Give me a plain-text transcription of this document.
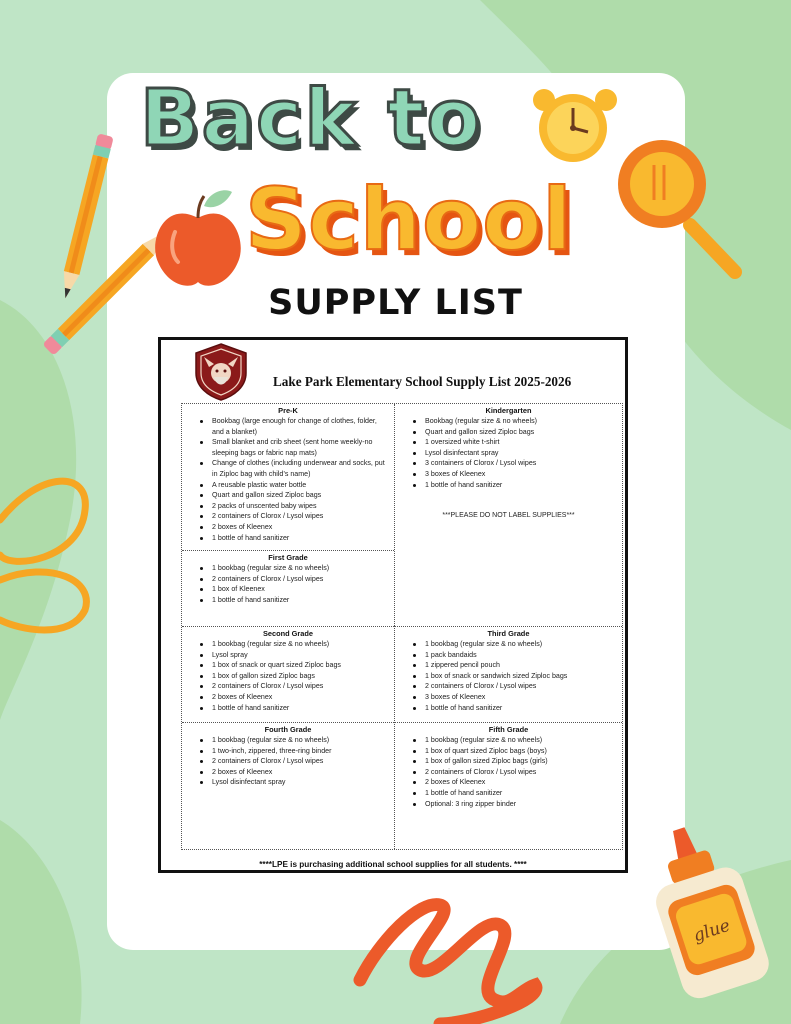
glue
Back to
School
SUPPLY LIST

Lake Park Elementary School Supply List 2025-2026

Pre-K
Bookbag (large enough for change of clothes, folder, and a blanket)
Small blanket and crib sheet (sent home weekly-no sleeping bags or fabric nap mats)
Change of clothes (including underwear and socks, put in Ziploc bag with child’s name)
A reusable plastic water bottle
Quart and gallon sized Ziploc bags
2 packs of unscented baby wipes
2 containers of Clorox / Lysol wipes
2 boxes of Kleenex
1 bottle of hand sanitizer
Kindergarten
Bookbag (regular size & no wheels)
Quart and gallon sized Ziploc bags
1 oversized white t-shirt
Lysol disinfectant spray
3 containers of Clorox / Lysol wipes
3 boxes of Kleenex
1 bottle of hand sanitizer

***PLEASE DO NOT LABEL SUPPLIES***

First Grade
1 bookbag (regular size & no wheels)
2 containers of Clorox / Lysol wipes
1 box of Kleenex
1 bottle of hand sanitizer
Second Grade
1 bookbag (regular size & no wheels)
Lysol spray
1 box of snack or quart sized Ziploc bags
1 box of gallon sized Ziploc bags
2 containers of Clorox / Lysol wipes
2 boxes of Kleenex
1 bottle of hand sanitizer
Third Grade
1 bookbag (regular size & no wheels)
1 pack bandaids
1 zippered pencil pouch
1 box of snack or sandwich sized Ziploc bags
2 containers of Clorox / Lysol wipes
3 boxes of Kleenex
1 bottle of hand sanitizer
Fourth Grade
1 bookbag (regular size & no wheels)
1 two-inch, zippered, three-ring binder
2 containers of Clorox / Lysol wipes
2 boxes of Kleenex
Lysol disinfectant spray
Fifth Grade
1 bookbag (regular size & no wheels)
1 box of quart sized Ziploc bags (boys)
1 box of gallon sized Ziploc bags (girls)
2 containers of Clorox / Lysol wipes
2 boxes of Kleenex
1 bottle of hand sanitizer
Optional: 3 ring zipper binder

****LPE is purchasing additional school supplies for all students. ****
